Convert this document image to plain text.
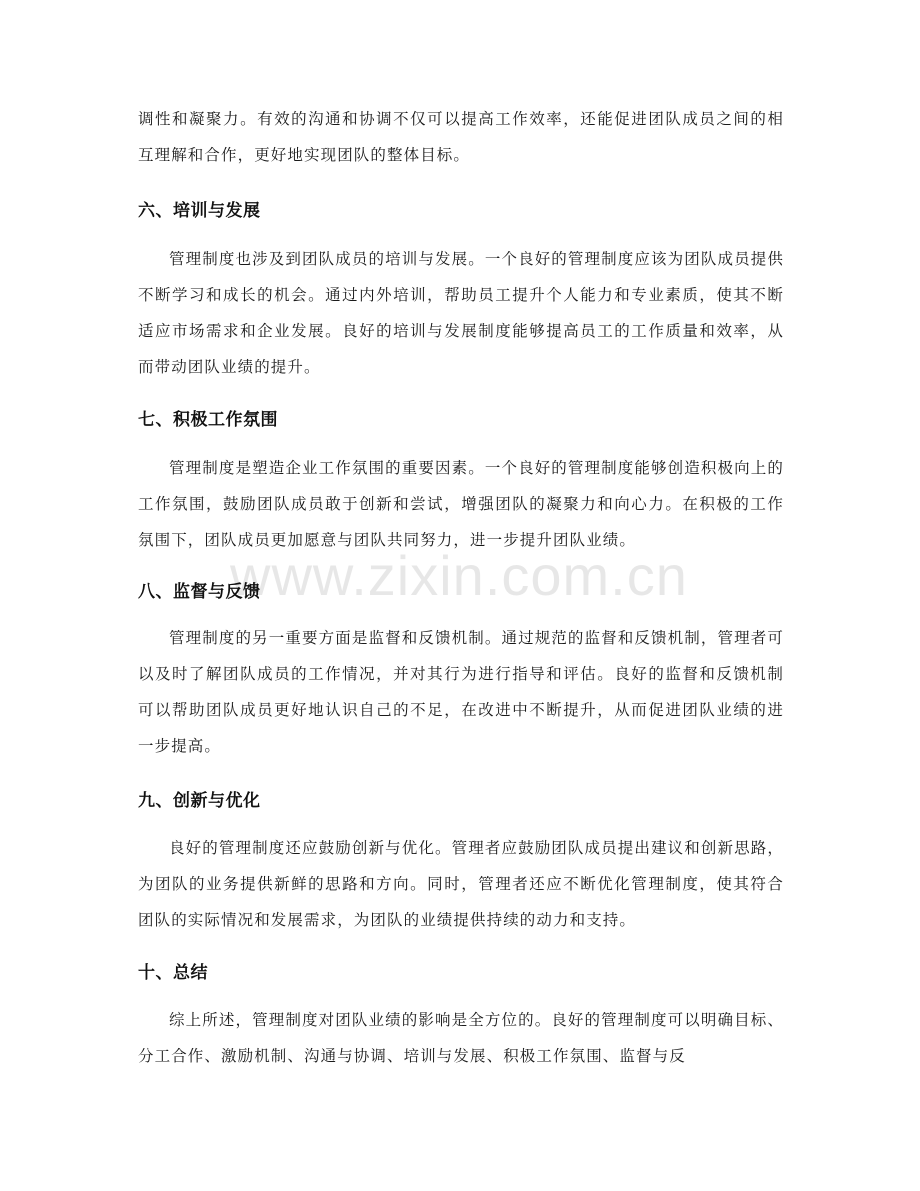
www.zixin.com.cn

调性和凝聚力。有效的沟通和协调不仅可以提高工作效率，还能促进团队成员之间的相互理解和合作，更好地实现团队的整体目标。

六、培训与发展

管理制度也涉及到团队成员的培训与发展。一个良好的管理制度应该为团队成员提供不断学习和成长的机会。通过内外培训，帮助员工提升个人能力和专业素质，使其不断适应市场需求和企业发展。良好的培训与发展制度能够提高员工的工作质量和效率，从而带动团队业绩的提升。

七、积极工作氛围

管理制度是塑造企业工作氛围的重要因素。一个良好的管理制度能够创造积极向上的工作氛围，鼓励团队成员敢于创新和尝试，增强团队的凝聚力和向心力。在积极的工作氛围下，团队成员更加愿意与团队共同努力，进一步提升团队业绩。

八、监督与反馈

管理制度的另一重要方面是监督和反馈机制。通过规范的监督和反馈机制，管理者可以及时了解团队成员的工作情况，并对其行为进行指导和评估。良好的监督和反馈机制可以帮助团队成员更好地认识自己的不足，在改进中不断提升，从而促进团队业绩的进一步提高。

九、创新与优化

良好的管理制度还应鼓励创新与优化。管理者应鼓励团队成员提出建议和创新思路，为团队的业务提供新鲜的思路和方向。同时，管理者还应不断优化管理制度，使其符合团队的实际情况和发展需求，为团队的业绩提供持续的动力和支持。

十、总结

综上所述，管理制度对团队业绩的影响是全方位的。良好的管理制度可以明确目标、分工合作、激励机制、沟通与协调、培训与发展、积极工作氛围、监督与反
